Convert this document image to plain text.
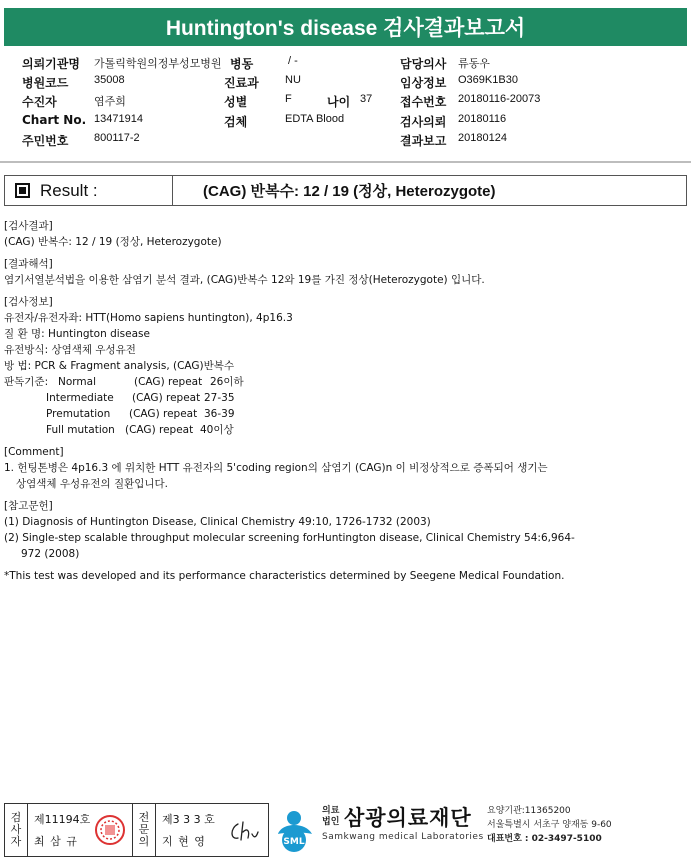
Huntington's disease 검사결과보고서
의뢰기관명 가톨릭학원의정부성모병원 병동	/ -	담당의사 류동우
병원코드 35008	진료과 NU	임상정보 O369K1B30
수진자	염주희	성별	F	나이 37 접수번호 20180116-20073
Chart No. 13471914	검체	EDTA Blood	검사의뢰 20180116
주민번호 800117-2	결과보고 20180124
Result :	(CAG) 반복수: 12 / 19 (정상, Heterozygote)
[검사결과]
(CAG) 반복수: 12 / 19 (정상, Heterozygote)
[결과해석]
염기서열분석법을 이용한 삼염기 분석 결과, (CAG)반복수 12와 19를 가진 정상(Heterozygote) 입니다.
[검사정보]
유전자/유전자좌: HTT(Homo sapiens huntington), 4p16.3
질 환 명: Huntington disease
유전방식: 상염색체 우성유전
방 법: PCR & Fragment analysis, (CAG)반복수
판독기준: Normal	(CAG) repeat 26이하
Intermediate (CAG) repeat 27-35
Premutation (CAG) repeat 36-39
Full mutation (CAG) repeat 40이상
[Comment]
1. 헌팅톤병은 4p16.3 에 위치한 HTT 유전자의 5'coding region의 삼염기 (CAG)n 이 비정상적으로 증폭되어 생기는
상염색체 우성유전의 질환입니다.
[참고문헌]
(1) Diagnosis of Huntington Disease, Clinical Chemistry 49:10, 1726-1732 (2003)
(2) Single-step scalable throughput molecular screening forHuntington disease, Clinical Chemistry 54:6,964-
972 (2008)
*This test was developed and its performance characteristics determined by Seegene Medical Foundation.
검
사
자
제11194호
최 삼 규
전
문
의
제3 3 3 호
지 현 영	SML
의료
법인 삼광의료재단
Samkwang medical Laboratories
요양기관:11365200
서울특별시 서초구 양재동 9-60
대표번호 : 02-3497-5100
